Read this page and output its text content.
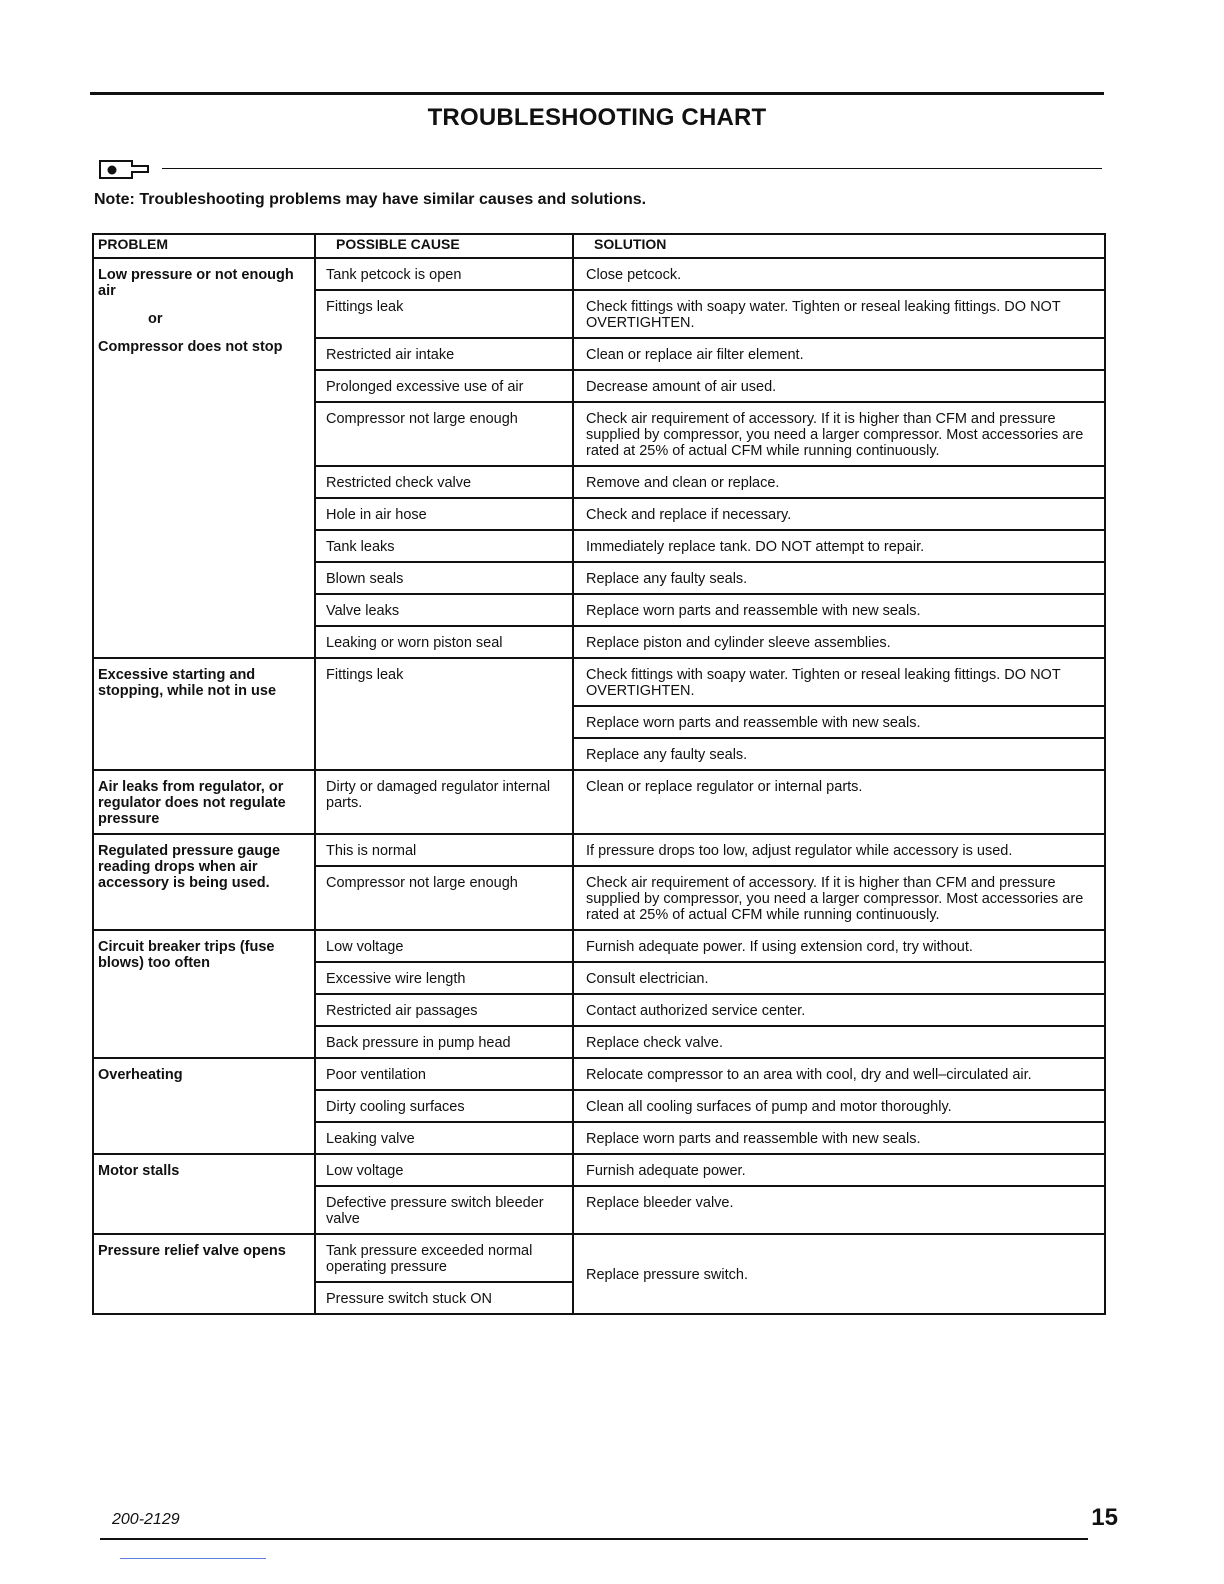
TROUBLESHOOTING CHART
Note: Troubleshooting problems may have similar causes and solutions.
PROBLEM	POSSIBLE CAUSE	SOLUTION
Low pressure or not enough air
or
Compressor does not stop	Tank petcock is open	Close petcock.
	Fittings leak	Check fittings with soapy water. Tighten or reseal leaking fittings. DO NOT OVERTIGHTEN.
	Restricted air intake	Clean or replace air filter element.
	Prolonged excessive use of air	Decrease amount of air used.
	Compressor not large enough	Check air requirement of accessory. If it is higher than CFM and pressure supplied by compressor, you need a larger compressor. Most accessories are rated at 25% of actual CFM while running continuously.
	Restricted check valve	Remove and clean or replace.
	Hole in air hose	Check and replace if necessary.
	Tank leaks	Immediately replace tank. DO NOT attempt to repair.
	Blown seals	Replace any faulty seals.
	Valve leaks	Replace worn parts and reassemble with new seals.
	Leaking or worn piston seal	Replace piston and cylinder sleeve assemblies.
Excessive starting and stopping, while not in use	Fittings leak	Check fittings with soapy water. Tighten or reseal leaking fittings. DO NOT OVERTIGHTEN.
		Replace worn parts and reassemble with new seals.
		Replace any faulty seals.
Air leaks from regulator, or regulator does not regulate pressure	Dirty or damaged regulator internal parts.	Clean or replace regulator or internal parts.
Regulated pressure gauge reading drops when air accessory is being used.	This is normal	If pressure drops too low, adjust regulator while accessory is used.
	Compressor not large enough	Check air requirement of accessory. If it is higher than CFM and pressure supplied by compressor, you need a larger compressor. Most accessories are rated at 25% of actual CFM while running continuously.
Circuit breaker trips (fuse blows) too often	Low voltage	Furnish adequate power. If using extension cord, try without.
	Excessive wire length	Consult electrician.
	Restricted air passages	Contact authorized service center.
	Back pressure in pump head	Replace check valve.
Overheating	Poor ventilation	Relocate compressor to an area with cool, dry and well–circulated air.
	Dirty cooling surfaces	Clean all cooling surfaces of pump and motor thoroughly.
	Leaking valve	Replace worn parts and reassemble with new seals.
Motor stalls	Low voltage	Furnish adequate power.
	Defective pressure switch bleeder valve	Replace bleeder valve.
Pressure relief valve opens	Tank pressure exceeded normal operating pressure	Replace pressure switch.
	Pressure switch stuck ON	
200-2129	15
